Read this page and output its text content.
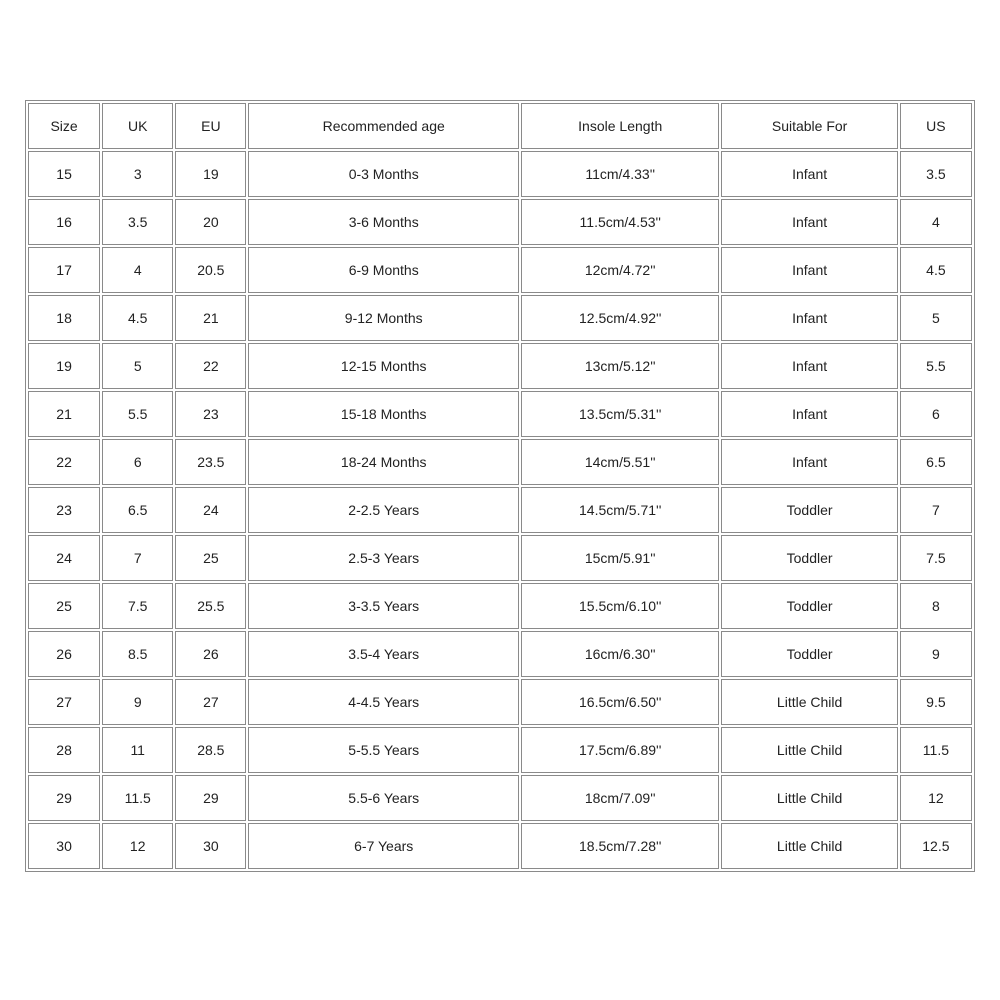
Size	UK	EU	Recommended age	Insole Length	Suitable For	US
15	3	19	0-3 Months	11cm/4.33''	Infant	3.5
16	3.5	20	3-6 Months	11.5cm/4.53''	Infant	4
17	4	20.5	6-9 Months	12cm/4.72''	Infant	4.5
18	4.5	21	9-12 Months	12.5cm/4.92''	Infant	5
19	5	22	12-15 Months	13cm/5.12''	Infant	5.5
21	5.5	23	15-18 Months	13.5cm/5.31''	Infant	6
22	6	23.5	18-24 Months	14cm/5.51''	Infant	6.5
23	6.5	24	2-2.5 Years	14.5cm/5.71''	Toddler	7
24	7	25	2.5-3 Years	15cm/5.91''	Toddler	7.5
25	7.5	25.5	3-3.5 Years	15.5cm/6.10''	Toddler	8
26	8.5	26	3.5-4 Years	16cm/6.30''	Toddler	9
27	9	27	4-4.5 Years	16.5cm/6.50''	Little Child	9.5
28	11	28.5	5-5.5 Years	17.5cm/6.89''	Little Child	11.5
29	11.5	29	5.5-6 Years	18cm/7.09''	Little Child	12
30	12	30	6-7 Years	18.5cm/7.28''	Little Child	12.5
